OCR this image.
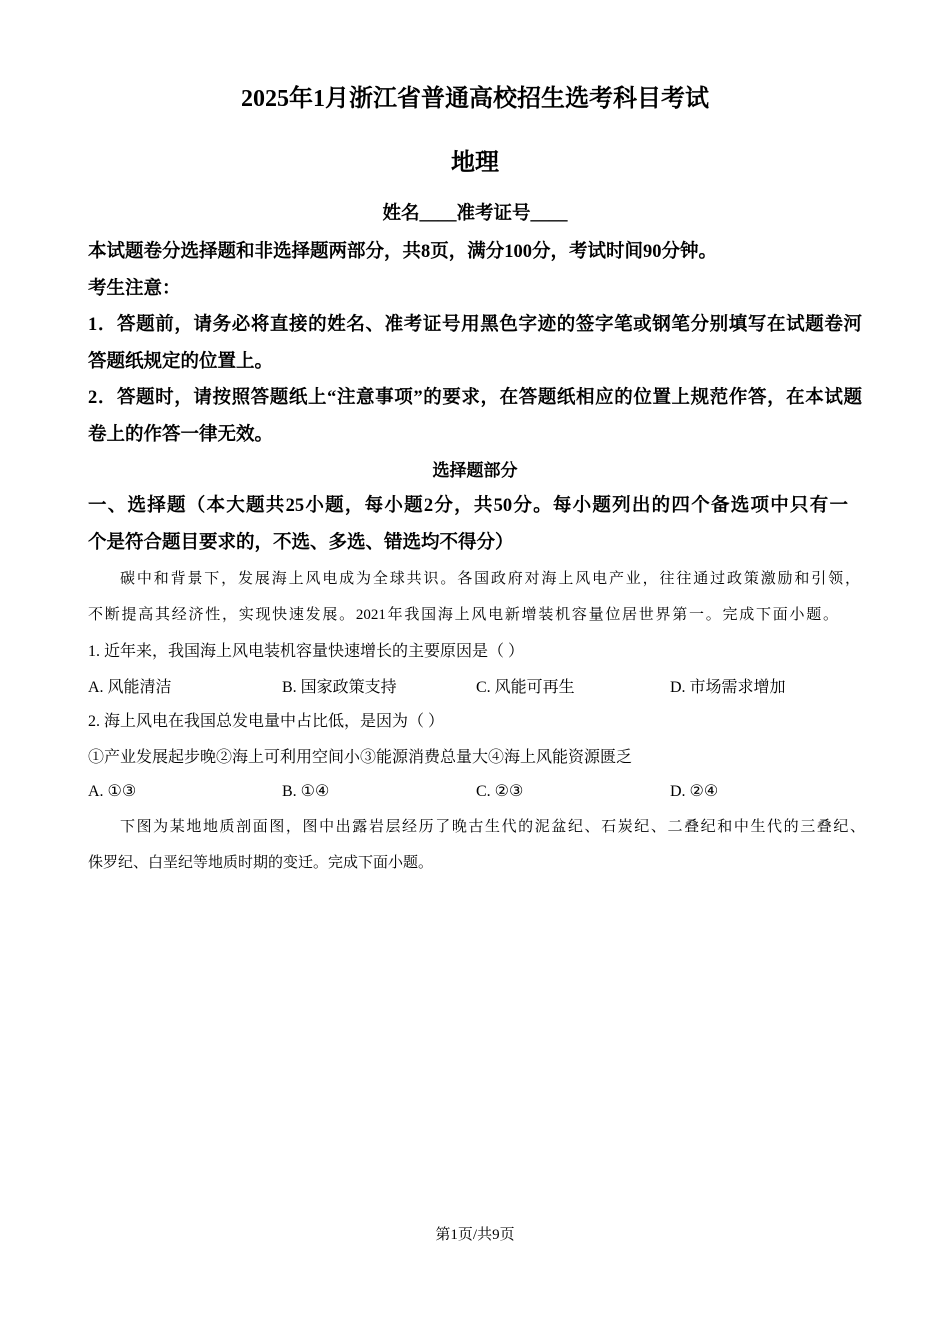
2025年1月浙江省普通高校招生选考科目考试
地理
姓名____准考证号____
本试题卷分选择题和非选择题两部分，共8页，满分100分，考试时间90分钟。
考生注意：
1．答题前，请务必将直接的姓名、准考证号用黑色字迹的签字笔或钢笔分别填写在试题卷河
答题纸规定的位置上。
2．答题时，请按照答题纸上“注意事项”的要求，在答题纸相应的位置上规范作答，在本试题
卷上的作答一律无效。
选择题部分
一、选择题（本大题共25小题，每小题2分，共50分。每小题列出的四个备选项中只有一
个是符合题目要求的，不选、多选、错选均不得分）
碳中和背景下，发展海上风电成为全球共识。各国政府对海上风电产业，往往通过政策激励和引领，
不断提高其经济性，实现快速发展。2021年我国海上风电新增装机容量位居世界第一。完成下面小题。
1. 近年来，我国海上风电装机容量快速增长的主要原因是（ ）
A. 风能清洁	B. 国家政策支持	C. 风能可再生	D. 市场需求增加
2. 海上风电在我国总发电量中占比低，是因为（ ）
①产业发展起步晚②海上可利用空间小③能源消费总量大④海上风能资源匮乏
A. ①③	B. ①④	C. ②③	D. ②④
下图为某地地质剖面图，图中出露岩层经历了晚古生代的泥盆纪、石炭纪、二叠纪和中生代的三叠纪、
侏罗纪、白垩纪等地质时期的变迁。完成下面小题。
第1页/共9页
